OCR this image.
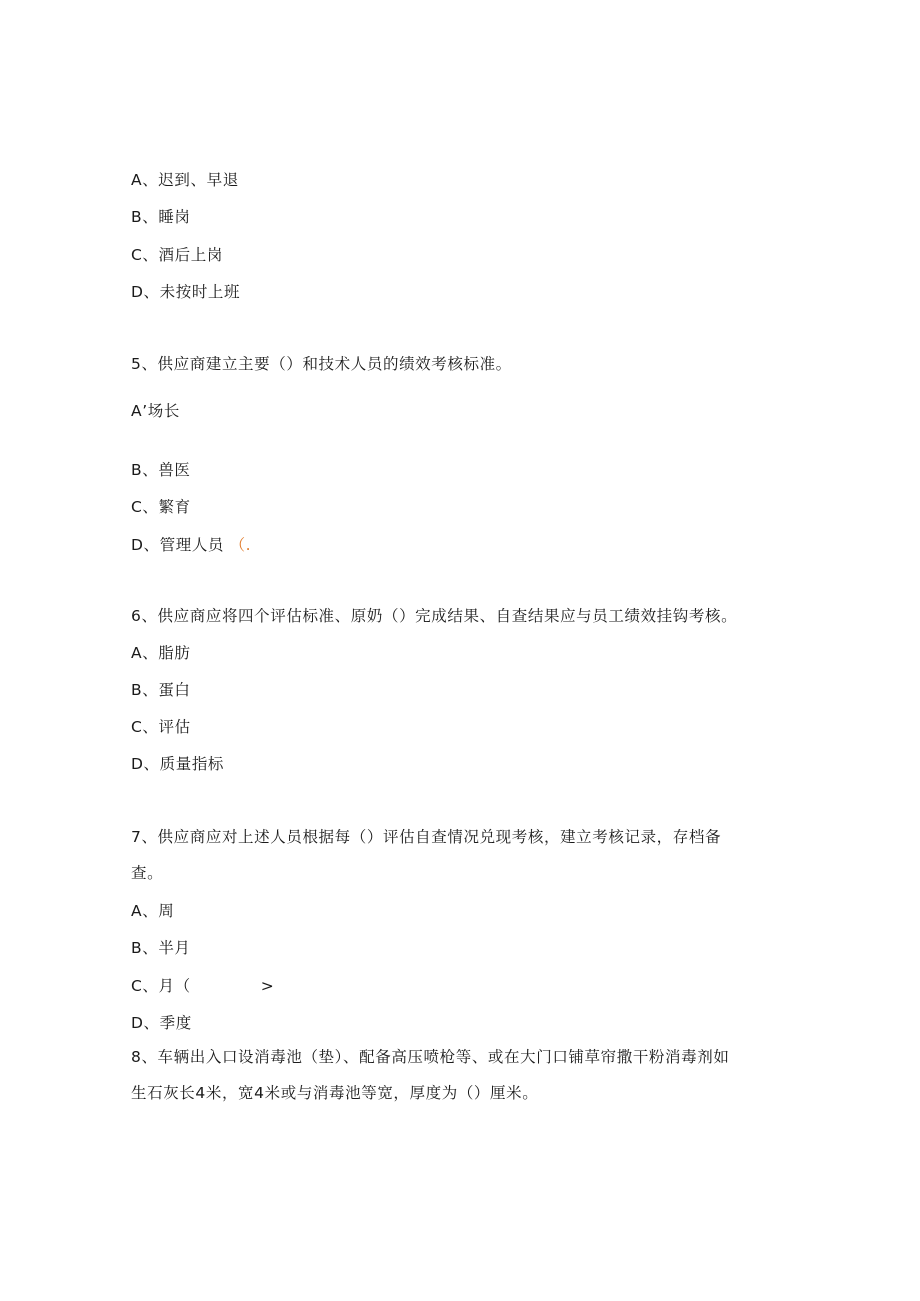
A、迟到、早退
B、睡岗
C、酒后上岗
D、未按时上班
5、供应商建立主要（）和技术人员的绩效考核标准。
A’场长
B、兽医
C、繁育
D、管理人员 （.
6、供应商应将四个评估标准、原奶（）完成结果、自查结果应与员工绩效挂钩考核。
A、脂肪
B、蛋白
C、评估
D、质量指标
7、供应商应对上述人员根据每（）评估自查情况兑现考核，建立考核记录，存档备
查。
A、周
B、半月
C、月（	>
D、季度
8、车辆出入口设消毒池（垫）、配备高压喷枪等、或在大门口铺草帘撒干粉消毒剂如
生石灰长4米，宽4米或与消毒池等宽，厚度为（）厘米。
